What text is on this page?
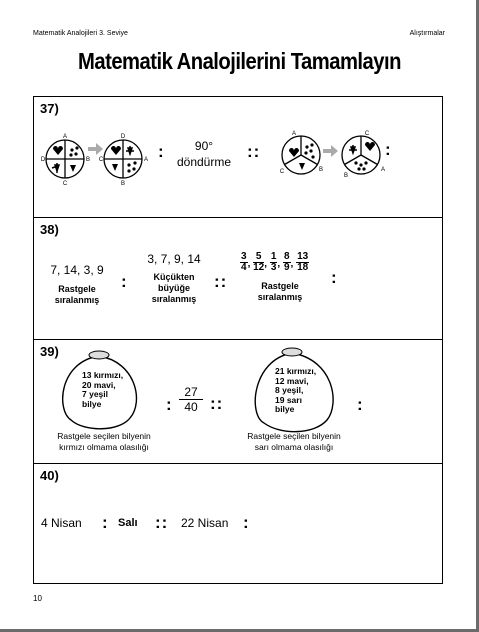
Matematik Analojileri 3. Seviye	Alıştırmalar
Matematik Analojilerini Tamamlayın
37)
A
B
C
D
D
A
B
C
A
B
C
C
A
B
:	90°
döndürme
::	:
38)
7, 14, 3, 9
Rastgele
sıralanmış
:
3, 7, 9, 14
Küçükten
büyüğe
sıralanmış
::
$\frac{3}{4}$ , $\frac{5}{12}$ , $\frac{1}{3}$ , $\frac{8}{9}$ , $\frac{13}{18}$
Rastgele
sıralanmış
:
39)
13 kırmızı,
20 mavi,
7 yeşil
bilye
Rastgele seçilen bilyenin
kırmızı olmama olasılığı
: $\frac{27}{40}$ ::
21 kırmızı,
12 mavi,
8 yeşil,
19 sarı
bilye
Rastgele seçilen bilyenin
sarı olmama olasılığı
:
40)
4 Nisan : Salı :: 22 Nisan :
10
